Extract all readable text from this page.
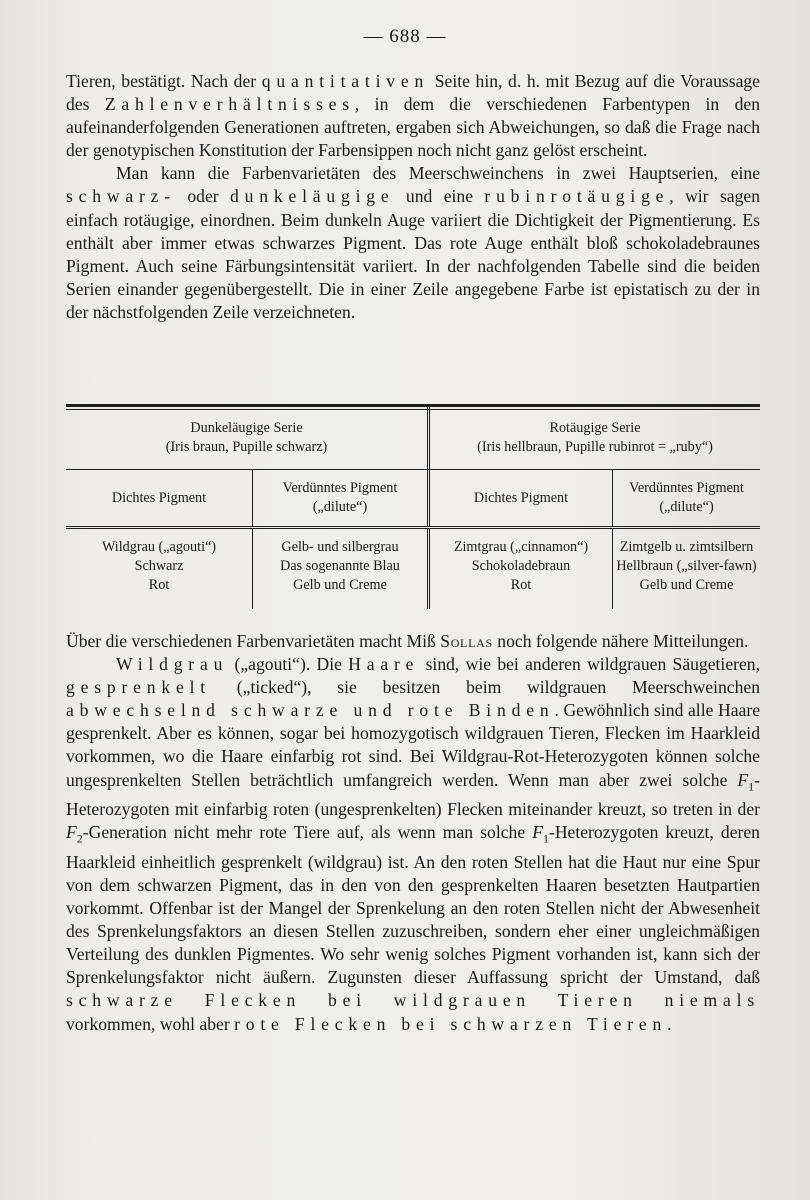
— 688 —

Tieren, bestätigt. Nach der quantitativen Seite hin, d. h. mit Bezug auf die Voraussage des Zahlenverhältnisses, in dem die verschiedenen Farbentypen in den aufeinanderfolgenden Generationen auftreten, ergaben sich Abweichungen, so daß die Frage nach der genotypischen Konstitution der Farbensippen noch nicht ganz gelöst erscheint.

Man kann die Farbenvarietäten des Meerschweinchens in zwei Hauptserien, eine schwarz- oder dunkeläugige und eine rubinrotäugige, wir sagen einfach rotäugige, einordnen. Beim dunkeln Auge variiert die Dichtigkeit der Pigmentierung. Es enthält aber immer etwas schwarzes Pigment. Das rote Auge enthält bloß schokoladebraunes Pigment. Auch seine Färbungsintensität variiert. In der nachfolgenden Tabelle sind die beiden Serien einander gegenübergestellt. Die in einer Zeile angegebene Farbe ist epistatisch zu der in der nächstfolgenden Zeile verzeichneten.

Dunkeläugige Serie
(Iris braun, Pupille schwarz)
Rotäugige Serie
(Iris hellbraun, Pupille rubinrot = „ruby“)
Dichtes Pigment
Verdünntes Pigment
(„dilute“)
Dichtes Pigment
Verdünntes Pigment
(„dilute“)
Wildgrau („agouti“)
Schwarz
Rot
Gelb- und silbergrau
Das sogenannte Blau
Gelb und Creme
Zimtgrau („cinnamon“)
Schokoladebraun
Rot
Zimtgelb u. zimtsilbern
Hellbraun („silver-fawn)
Gelb und Creme

Über die verschiedenen Farbenvarietäten macht Miß Sollas noch folgende nähere Mitteilungen.

Wildgrau („agouti“). Die Haare sind, wie bei anderen wildgrauen Säugetieren, gesprenkelt („ticked“), sie besitzen beim wildgrauen Meerschweinchen abwechselnd schwarze und rote Binden. Gewöhnlich sind alle Haare gesprenkelt. Aber es können, sogar bei homozygotisch wildgrauen Tieren, Flecken im Haarkleid vorkommen, wo die Haare einfarbig rot sind. Bei Wildgrau-Rot-Heterozygoten können solche ungesprenkelten Stellen beträchtlich umfangreich werden. Wenn man aber zwei solche $F_1$-Heterozygoten mit einfarbig roten (ungesprenkelten) Flecken miteinander kreuzt, so treten in der $F_2$-Generation nicht mehr rote Tiere auf, als wenn man solche $F_1$-Heterozygoten kreuzt, deren Haarkleid einheitlich gesprenkelt (wildgrau) ist. An den roten Stellen hat die Haut nur eine Spur von dem schwarzen Pigment, das in den von den gesprenkelten Haaren besetzten Hautpartien vorkommt. Offenbar ist der Mangel der Sprenkelung an den roten Stellen nicht der Abwesenheit des Sprenkelungsfaktors an diesen Stellen zuzuschreiben, sondern eher einer ungleichmäßigen Verteilung des dunklen Pigmentes. Wo sehr wenig solches Pigment vorhanden ist, kann sich der Sprenkelungsfaktor nicht äußern. Zugunsten dieser Auffassung spricht der Umstand, daß schwarze Flecken bei wildgrauen Tieren niemals vorkommen, wohl aber rote Flecken bei schwarzen Tieren.
